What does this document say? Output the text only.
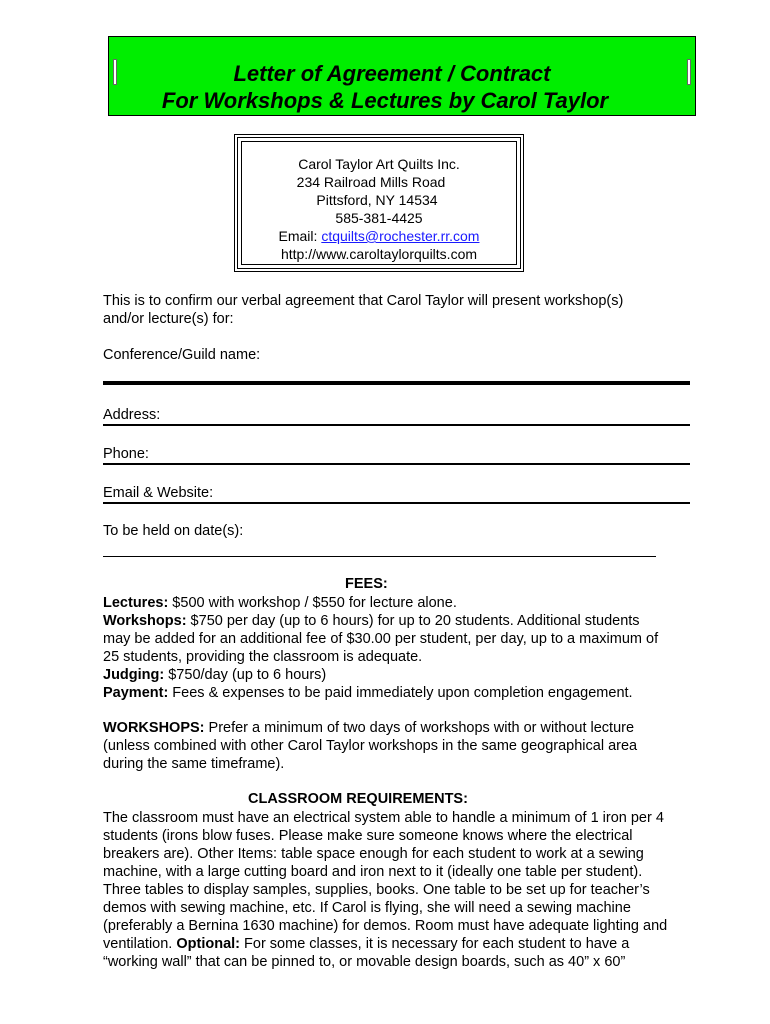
Letter of Agreement / Contract
For Workshops & Lectures by Carol Taylor
Carol Taylor Art Quilts Inc.
234 Railroad Mills Road
Pittsford, NY 14534
585-381-4425
Email: ctquilts@rochester.rr.com
http://www.caroltaylorquilts.com
This is to confirm our verbal agreement that Carol Taylor will present workshop(s)
and/or lecture(s) for:
Conference/Guild name:
Address:
Phone:
Email & Website:
To be held on date(s):
FEES:
Lectures: $500 with workshop / $550 for lecture alone.
Workshops: $750 per day (up to 6 hours) for up to 20 students. Additional students
may be added for an additional fee of $30.00 per student, per day, up to a maximum of
25 students, providing the classroom is adequate.
Judging: $750/day (up to 6 hours)
Payment: Fees & expenses to be paid immediately upon completion engagement.
WORKSHOPS: Prefer a minimum of two days of workshops with or without lecture
(unless combined with other Carol Taylor workshops in the same geographical area
during the same timeframe).
CLASSROOM REQUIREMENTS:
The classroom must have an electrical system able to handle a minimum of 1 iron per 4
students (irons blow fuses. Please make sure someone knows where the electrical
breakers are). Other Items: table space enough for each student to work at a sewing
machine, with a large cutting board and iron next to it (ideally one table per student).
Three tables to display samples, supplies, books. One table to be set up for teacher’s
demos with sewing machine, etc. If Carol is flying, she will need a sewing machine
(preferably a Bernina 1630 machine) for demos. Room must have adequate lighting and
ventilation. Optional: For some classes, it is necessary for each student to have a
“working wall” that can be pinned to, or movable design boards, such as 40” x 60”
